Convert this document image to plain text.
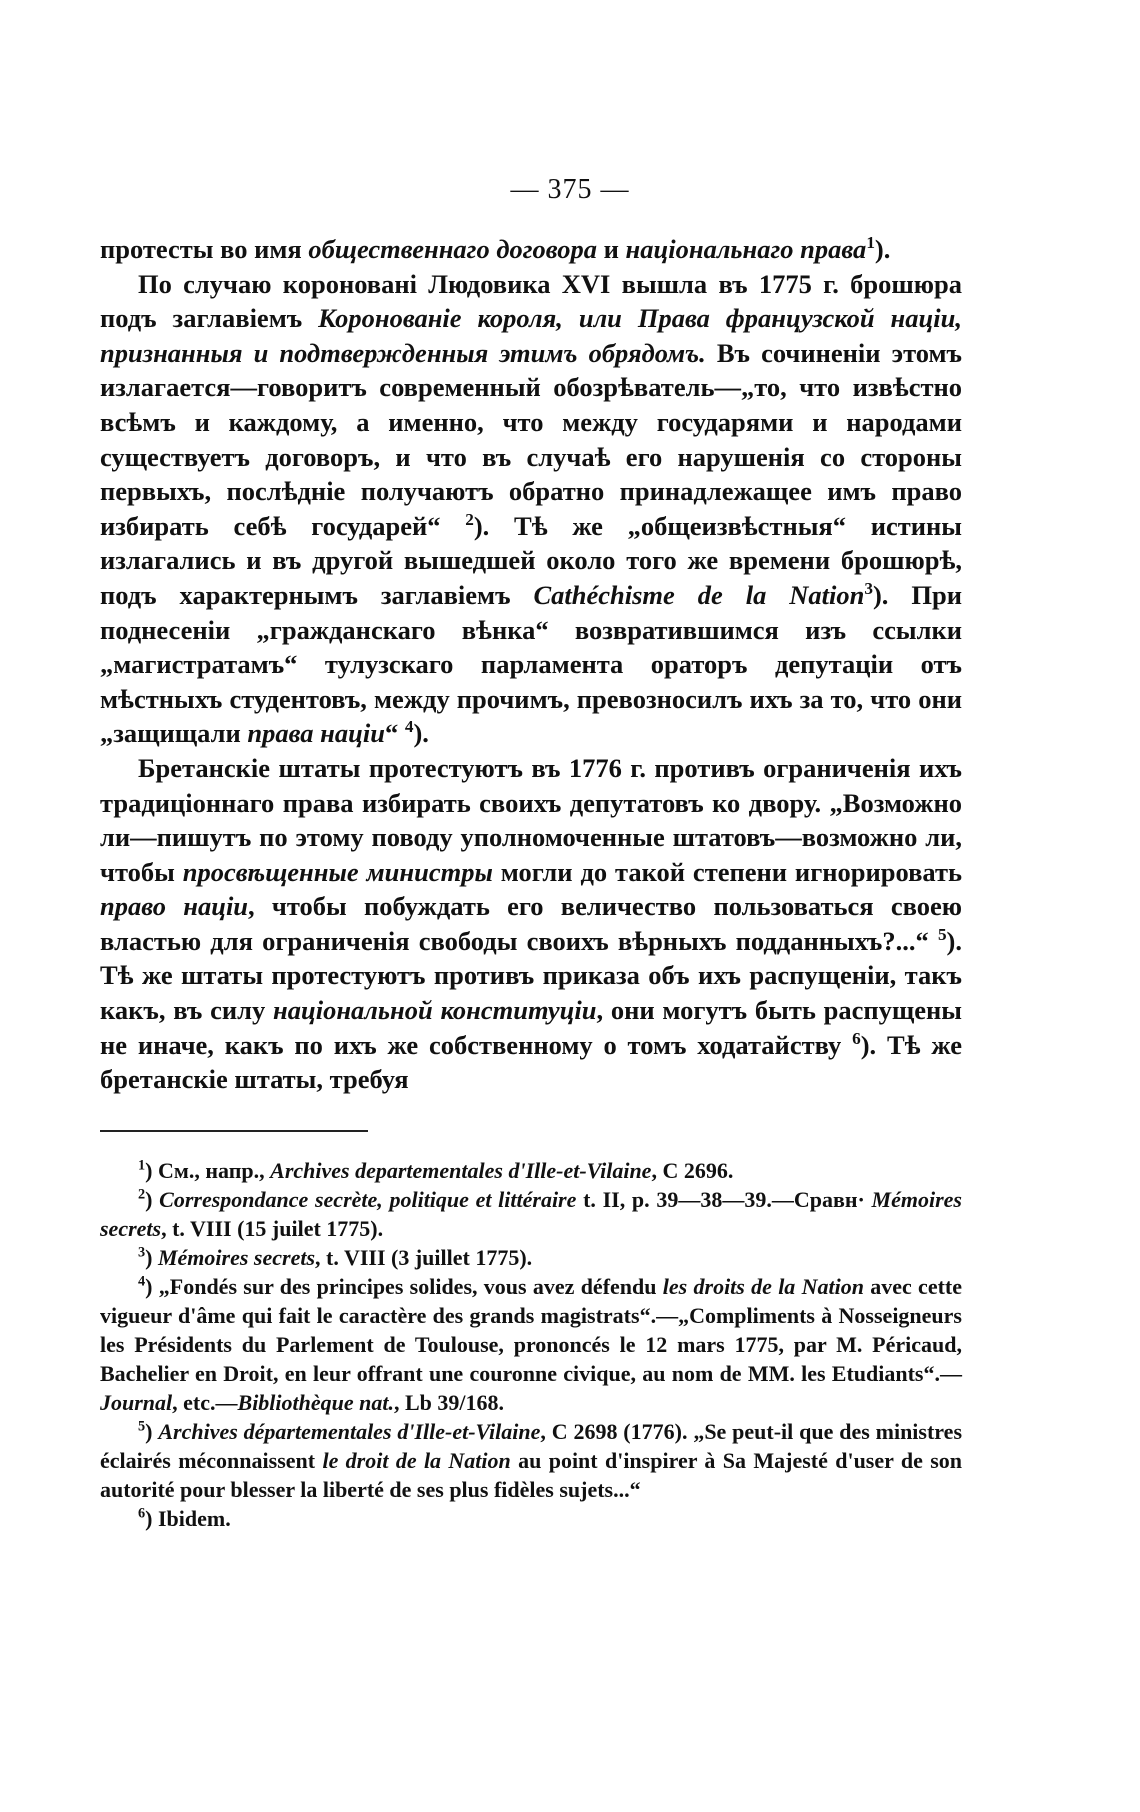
— 375 —

протесты во имя общественнаго договора и національнаго права$^1$).

По случаю короновані Людовика XVI вышла въ 1775 г. брошюра подъ заглавіемъ Коронованіе короля, или Права французской націи, признанныя и подтвержденныя этимъ обрядомъ. Въ сочиненіи этомъ излагается—говоритъ современный обозрѣватель—„то, что извѣстно всѣмъ и каждому, а именно, что между государями и народами существуетъ договоръ, и что въ случаѣ его нарушенія со стороны первыхъ, послѣдніе получаютъ обратно принадлежащее имъ право избирать себѣ государей“ $^2$). Тѣ же „общеизвѣстныя“ истины излагались и въ другой вышедшей около того же времени брошюрѣ, подъ характернымъ заглавіемъ Cathéchisme de la Nation$^3$). При поднесеніи „гражданскаго вѣнка“ возвратившимся изъ ссылки „магистратамъ“ тулузскаго парламента ораторъ депутаціи отъ мѣстныхъ студентовъ, между прочимъ, превозносилъ ихъ за то, что они „защищали права націи“ $^4$).

Бретанскіе штаты протестуютъ въ 1776 г. противъ ограниченія ихъ традиціоннаго права избирать своихъ депутатовъ ко двору. „Возможно ли—пишутъ по этому поводу уполномоченные штатовъ—возможно ли, чтобы просвѣщенные министры могли до такой степени игнорировать право націи, чтобы побуждать его величество пользоваться своею властью для ограниченія свободы своихъ вѣрныхъ подданныхъ?...“ $^5$). Тѣ же штаты протестуютъ противъ приказа объ ихъ распущеніи, такъ какъ, въ силу національной конституціи, они могутъ быть распущены не иначе, какъ по ихъ же собственному о томъ ходатайству $^6$). Тѣ же бретанскіе штаты, требуя

$^1$) См., напр., Archives departementales d'Ille-et-Vilaine, C 2696.

$^2$) Correspondance secrète, politique et littéraire t. II, p. 39—38—39.—Сравн· Mémoires secrets, t. VIII (15 juilet 1775).

$^3$) Mémoires secrets, t. VIII (3 juillet 1775).

$^4$) „Fondés sur des principes solides, vous avez défendu les droits de la Nation avec cette vigueur d'âme qui fait le caractère des grands magistrats“.—„Compliments à Nosseigneurs les Présidents du Parlement de Toulouse, prononcés le 12 mars 1775, par M. Péricaud, Bachelier en Droit, en leur offrant une couronne civique, au nom de MM. les Etudiants“.—Journal, etc.—Bibliothèque nat., Lb 39/168.

$^5$) Archives départementales d'Ille-et-Vilaine, C 2698 (1776). „Se peut-il que des ministres éclairés méconnaissent le droit de la Nation au point d'inspirer à Sa Majesté d'user de son autorité pour blesser la liberté de ses plus fidèles sujets...“

$^6$) Ibidem.
